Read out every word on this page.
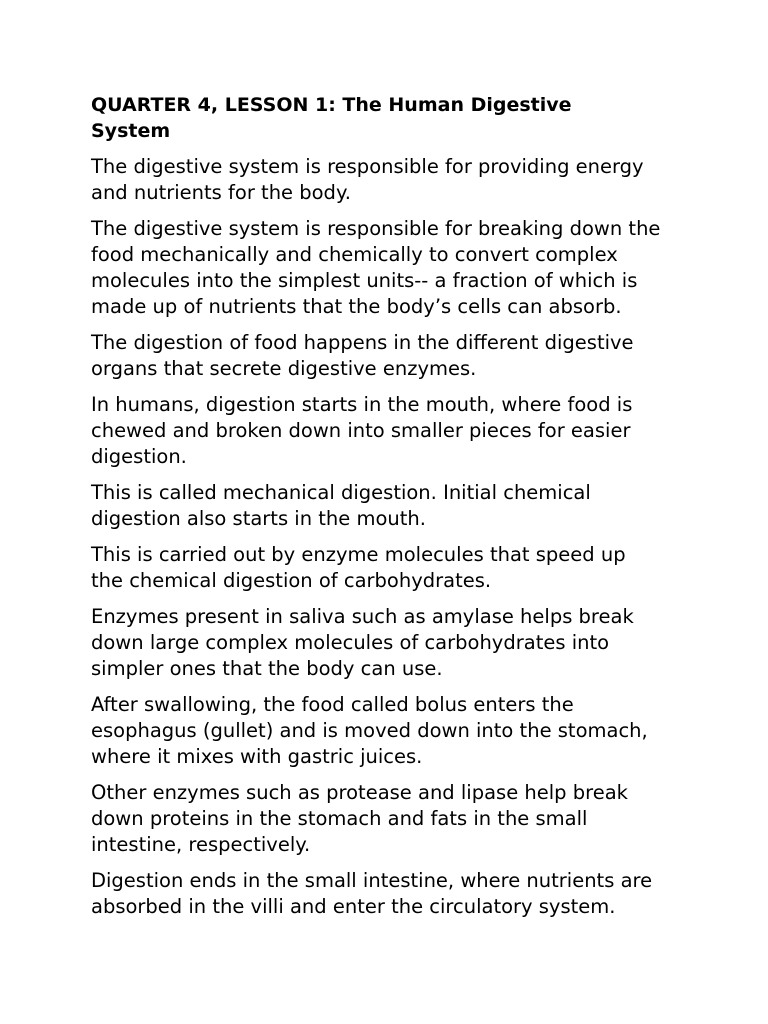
QUARTER 4, LESSON 1: The Human Digestive
System
The digestive system is responsible for providing energy
and nutrients for the body.
The digestive system is responsible for breaking down the
food mechanically and chemically to convert complex
molecules into the simplest units-- a fraction of which is
made up of nutrients that the body’s cells can absorb.
The digestion of food happens in the different digestive
organs that secrete digestive enzymes.
In humans, digestion starts in the mouth, where food is
chewed and broken down into smaller pieces for easier
digestion.
This is called mechanical digestion. Initial chemical
digestion also starts in the mouth.
This is carried out by enzyme molecules that speed up
the chemical digestion of carbohydrates.
Enzymes present in saliva such as amylase helps break
down large complex molecules of carbohydrates into
simpler ones that the body can use.
After swallowing, the food called bolus enters the
esophagus (gullet) and is moved down into the stomach,
where it mixes with gastric juices.
Other enzymes such as protease and lipase help break
down proteins in the stomach and fats in the small
intestine, respectively.
Digestion ends in the small intestine, where nutrients are
absorbed in the villi and enter the circulatory system.
